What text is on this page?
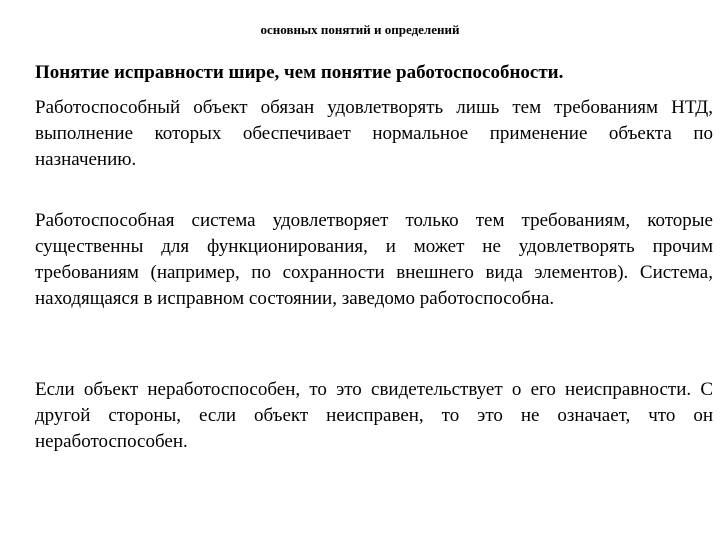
основных понятий и определений
Понятие исправности шире, чем понятие работоспособности.

Работоспособный объект обязан удовлетворять лишь тем требованиям НТД, выполнение которых обеспечивает нормальное применение объекта по назначению.

Работоспособная система удовлетворяет только тем требованиям, которые существенны для функционирования, и может не удовлетворять прочим требованиям (например, по сохранности внешнего вида элементов). Система, находящаяся в исправном состоянии, заведомо работоспособна.

Если объект неработоспособен, то это свидетельствует о его неисправности. С другой стороны, если объект неисправен, то это не означает, что он неработоспособен.
